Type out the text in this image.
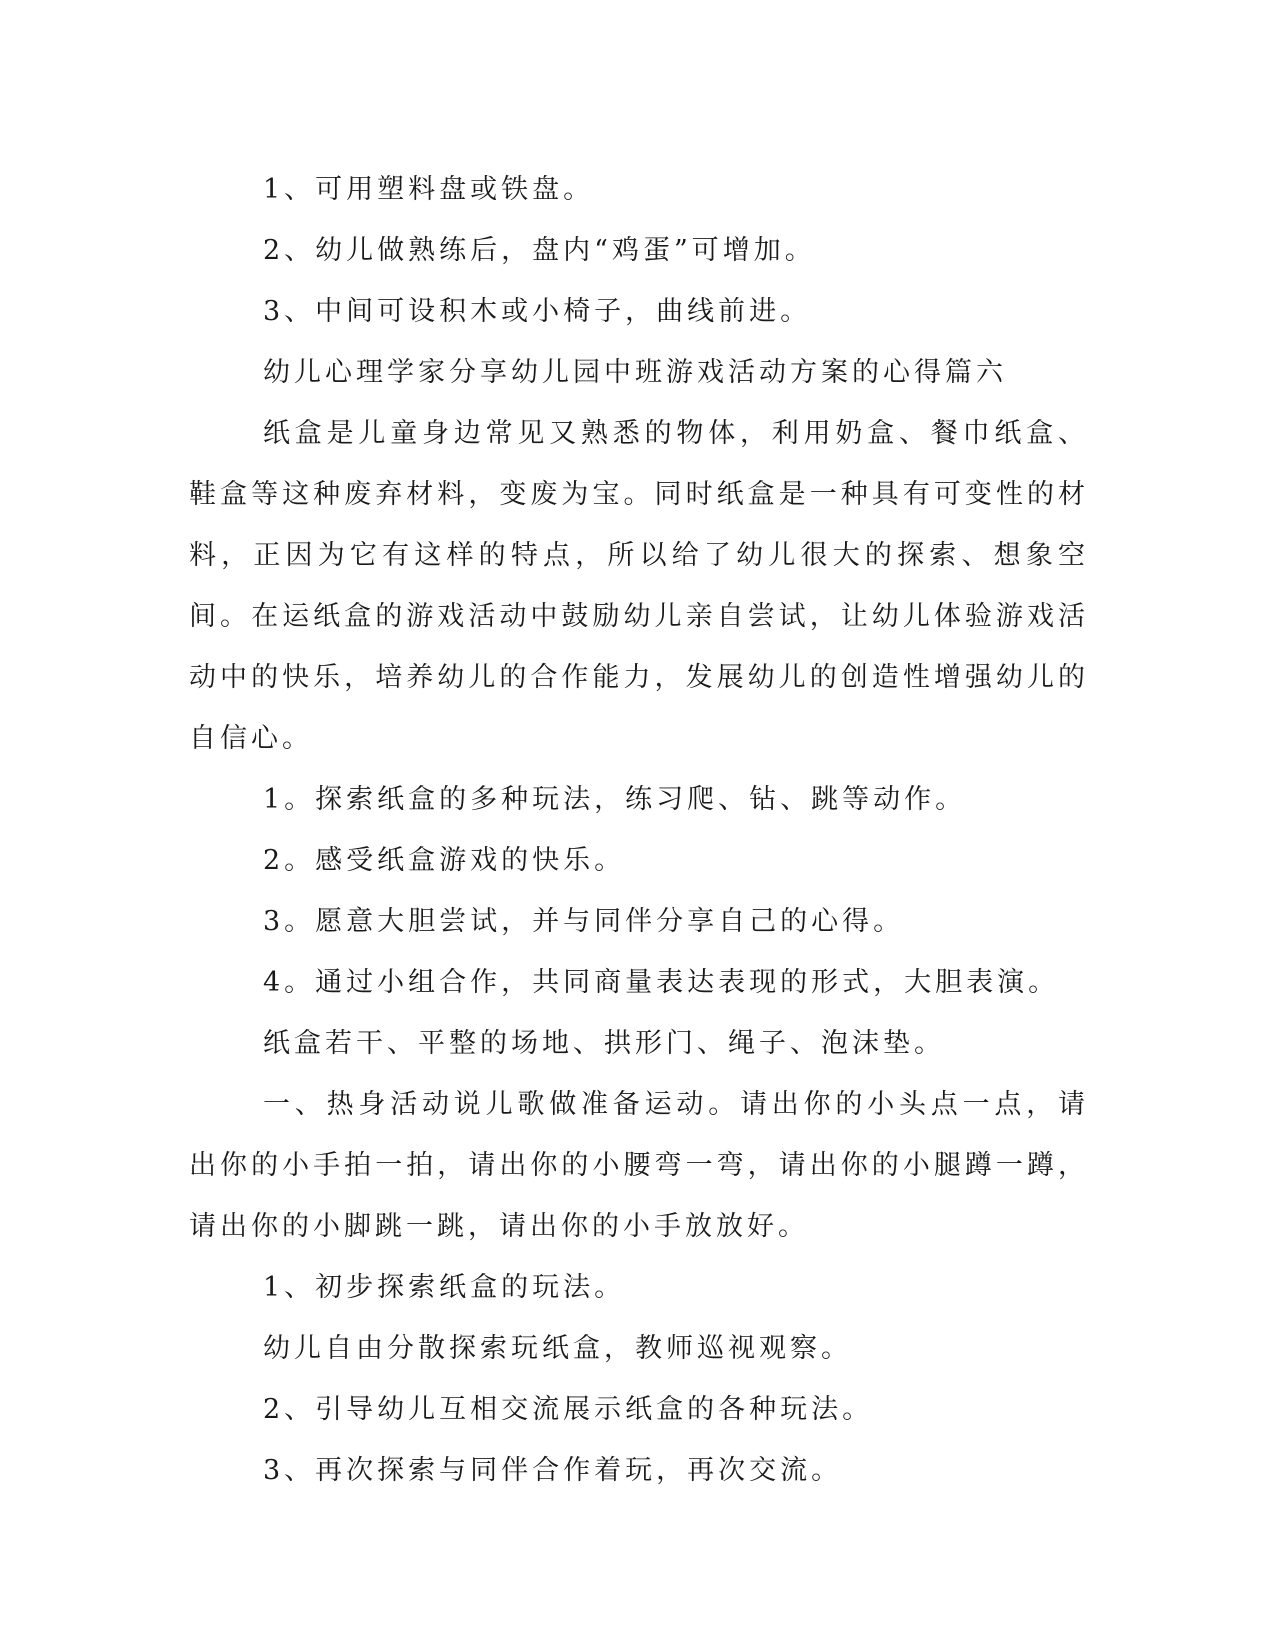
1、可用塑料盘或铁盘。

2、幼儿做熟练后，盘内“鸡蛋”可增加。

3、中间可设积木或小椅子，曲线前进。

幼儿心理学家分享幼儿园中班游戏活动方案的心得篇六

纸盒是儿童身边常见又熟悉的物体，利用奶盒、餐巾纸盒、鞋盒等这种废弃材料，变废为宝。同时纸盒是一种具有可变性的材料，正因为它有这样的特点，所以给了幼儿很大的探索、想象空间。在运纸盒的游戏活动中鼓励幼儿亲自尝试，让幼儿体验游戏活动中的快乐，培养幼儿的合作能力，发展幼儿的创造性增强幼儿的自信心。

1。探索纸盒的多种玩法，练习爬、钻、跳等动作。

2。感受纸盒游戏的快乐。

3。愿意大胆尝试，并与同伴分享自己的心得。

4。通过小组合作，共同商量表达表现的形式，大胆表演。

纸盒若干、平整的场地、拱形门、绳子、泡沫垫。

一、热身活动说儿歌做准备运动。请出你的小头点一点，请出你的小手拍一拍，请出你的小腰弯一弯，请出你的小腿蹲一蹲，请出你的小脚跳一跳，请出你的小手放放好。

1、初步探索纸盒的玩法。

幼儿自由分散探索玩纸盒，教师巡视观察。

2、引导幼儿互相交流展示纸盒的各种玩法。

3、再次探索与同伴合作着玩，再次交流。
